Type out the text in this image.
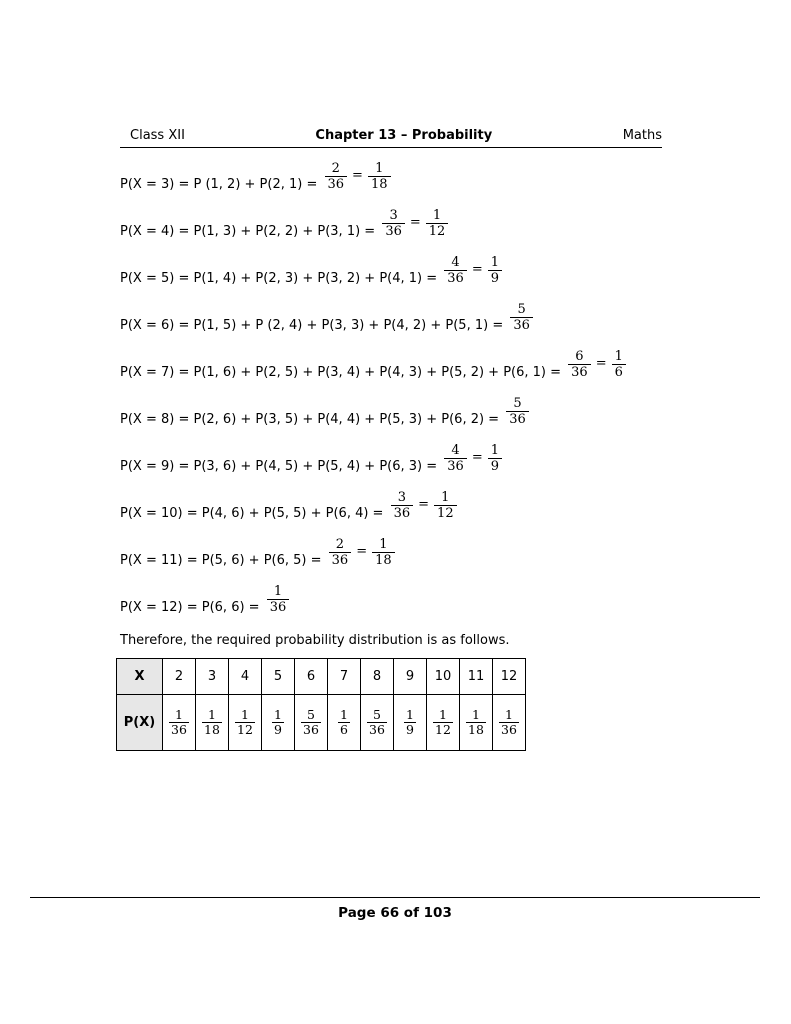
Class XII	Chapter 13 – Probability	Maths
P(X = 3) = P (1, 2) + P(2, $1) = \frac{2}{36} = \frac{1}{18}$
P(X = 4) = P(1, 3) + P(2, 2) + P(3, $1) = \frac{3}{36} = \frac{1}{12}$
P(X = 5) = P(1, 4) + P(2, 3) + P(3, 2) + P(4, $1) = \frac{4}{36} = \frac{1}{9}$
P(X = 6) = P(1, 5) + P (2, 4) + P(3, 3) + P(4, 2) + P(5, $1) = \frac{5}{36}$
P(X = 7) = P(1, 6) + P(2, 5) + P(3, 4) + P(4, 3) + P(5, 2) + P(6, $1) = \frac{6}{36} = \frac{1}{6}$
P(X = 8) = P(2, 6) + P(3, 5) + P(4, 4) + P(5, 3) + P(6, $2) = \frac{5}{36}$
P(X = 9) = P(3, 6) + P(4, 5) + P(5, 4) + P(6, $3) = \frac{4}{36} = \frac{1}{9}$
P(X = 10) = P(4, 6) + P(5, 5) + P(6, $4) = \frac{3}{36} = \frac{1}{12}$
P(X = 11) = P(5, 6) + P(6, $5) = \frac{2}{36} = \frac{1}{18}$
P(X = 12) = P(6, $6) = \frac{1}{36}$

Therefore, the required probability distribution is as follows.

X	2	3	4	5	6	7	8	9	10	11	12
P(X)	$\frac{1}{36}$	$\frac{1}{18}$	$\frac{1}{12}$	$\frac{1}{9}$	$\frac{5}{36}$	$\frac{1}{6}$	$\frac{5}{36}$	$\frac{1}{9}$	$\frac{1}{12}$	$\frac{1}{18}$	$\frac{1}{36}$
Page 66 of 103
